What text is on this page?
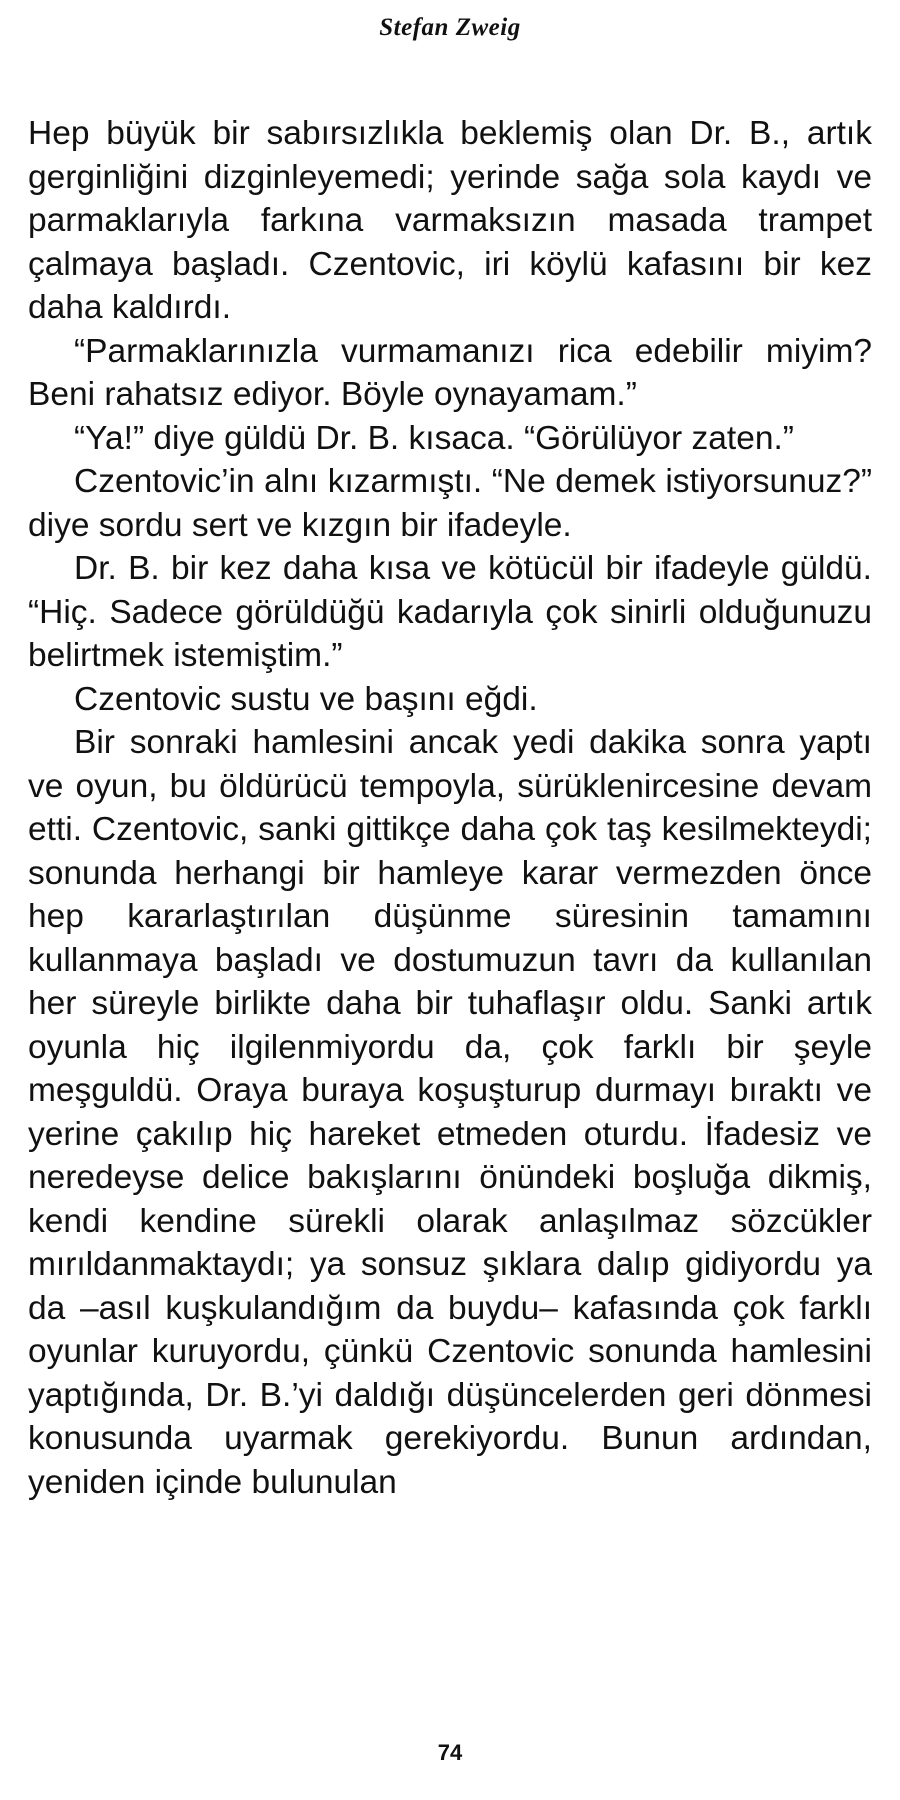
Stefan Zweig

Hep büyük bir sabırsızlıkla beklemiş olan Dr. B., artık gerginliğini dizginleyemedi; yerinde sağa sola kaydı ve parmaklarıyla farkına varmaksızın masada trampet çalmaya başladı. Czentovic, iri köylü kafasını bir kez daha kaldırdı.

“Parmaklarınızla vurmamanızı rica edebilir miyim? Beni rahatsız ediyor. Böyle oynayamam.”

“Ya!” diye güldü Dr. B. kısaca. “Görülüyor zaten.”

Czentovic’in alnı kızarmıştı. “Ne demek istiyorsunuz?” diye sordu sert ve kızgın bir ifadeyle.

Dr. B. bir kez daha kısa ve kötücül bir ifadeyle güldü. “Hiç. Sadece görüldüğü kadarıyla çok sinirli olduğunuzu belirtmek istemiştim.”

Czentovic sustu ve başını eğdi.

Bir sonraki hamlesini ancak yedi dakika sonra yaptı ve oyun, bu öldürücü tempoyla, sürüklenircesine devam etti. Czentovic, sanki gittikçe daha çok taş kesilmekteydi; sonunda herhangi bir hamleye karar vermezden önce hep kararlaştırılan düşünme süresinin tamamını kullanmaya başladı ve dostumuzun tavrı da kullanılan her süreyle birlikte daha bir tuhaflaşır oldu. Sanki artık oyunla hiç ilgilenmiyordu da, çok farklı bir şeyle meşguldü. Oraya buraya koşuşturup durmayı bıraktı ve yerine çakılıp hiç hareket etmeden oturdu. İfadesiz ve neredeyse delice bakışlarını önündeki boşluğa dikmiş, kendi kendine sürekli olarak anlaşılmaz sözcükler mırıldanmaktaydı; ya sonsuz şıklara dalıp gidiyordu ya da –asıl kuşkulandığım da buydu– kafasında çok farklı oyunlar kuruyordu, çünkü Czentovic sonunda hamlesini yaptığında, Dr. B.’yi daldığı düşüncelerden geri dönmesi konusunda uyarmak gerekiyordu. Bunun ardından, yeniden içinde bulunulan

74
